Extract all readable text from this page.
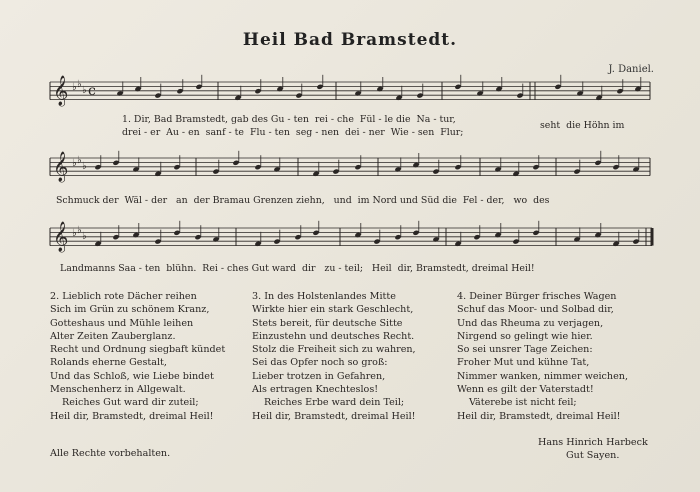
Heil Bad Bramstedt.
J. Daniel.
𝄞 ♭ ♭
♭ c
𝄞 ♭ ♭
♭
𝄞 ♭ ♭
♭
1. Dir, Bad Bramstedt, gab des Gu - ten  rei - che  Fül - le die  Na - tur,
drei - er  Au - en  sanf - te  Flu - ten  seg - nen  dei - ner  Wie - sen  Flur;
seht  die Höhn im
Schmuck der  Wäl - der   an  der Bramau Grenzen ziehn,   und  im Nord und Süd die  Fel - der,   wo  des
Landmanns Saa - ten  blühn.  Rei - ches Gut ward  dir   zu - teil;   Heil  dir, Bramstedt, dreimal Heil!
2. Lieblich rote Dächer reihen
Sich im Grün zu schönem Kranz,
Gotteshaus und Mühle leihen
Alter Zeiten Zauberglanz.
Recht und Ordnung siegbaft kündet
Rolands eherne Gestalt,
Und das Schloß, wie Liebe bindet
Menschenherz in Allgewalt.
Reiches Gut ward dir zuteil;
Heil dir, Bramstedt, dreimal Heil!
3. In des Holstenlandes Mitte
Wirkte hier ein stark Geschlecht,
Stets bereit, für deutsche Sitte
Einzustehn und deutsches Recht.
Stolz die Freiheit sich zu wahren,
Sei das Opfer noch so groß:
Lieber trotzen in Gefahren,
Als ertragen Knechteslos!
Reiches Erbe ward dein Teil;
Heil dir, Bramstedt, dreimal Heil!
4. Deiner Bürger frisches Wagen
Schuf das Moor- und Solbad dir,
Und das Rheuma zu verjagen,
Nirgend so gelingt wie hier.
So sei unsrer Tage Zeichen:
Froher Mut und kühne Tat,
Nimmer wanken, nimmer weichen,
Wenn es gilt der Vaterstadt!
Väterebe ist nicht feil;
Heil dir, Bramstedt, dreimal Heil!
Hans Hinrich Harbeck
Gut Sayen.
Alle Rechte vorbehalten.
